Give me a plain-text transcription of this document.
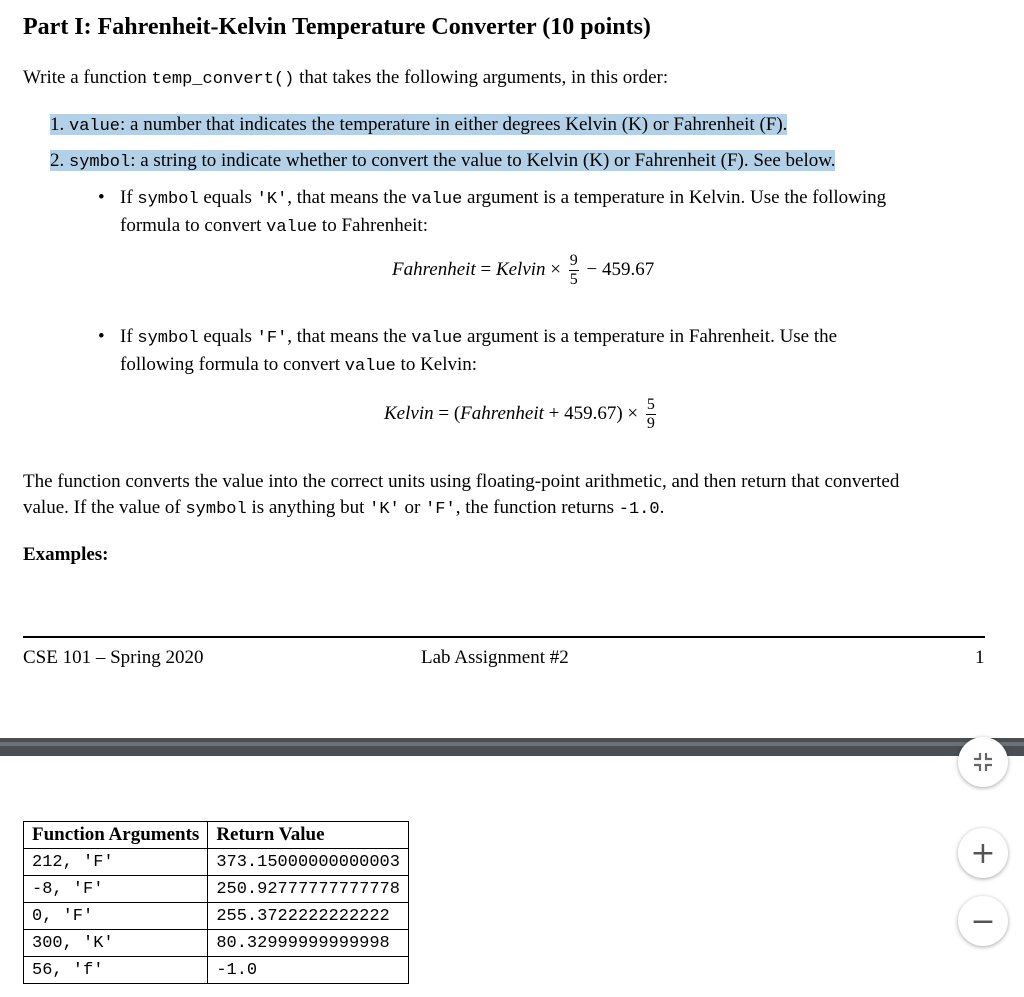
Part I: Fahrenheit-Kelvin Temperature Converter (10 points)
Write a function temp_convert() that takes the following arguments, in this order:
1. value: a number that indicates the temperature in either degrees Kelvin (K) or Fahrenheit (F).
2. symbol: a string to indicate whether to convert the value to Kelvin (K) or Fahrenheit (F). See below.
• If symbol equals 'K', that means the value argument is a temperature in Kelvin. Use the following
formula to convert value to Fahrenheit:
Fahrenheit = Kelvin × $\frac{9}{5} - 459.67$
• If symbol equals 'F', that means the value argument is a temperature in Fahrenheit. Use the
following formula to convert value to Kelvin:
Kelvin = (Fahrenheit + $459.67) \times \frac{5}{9}$
The function converts the value into the correct units using floating-point arithmetic, and then return that converted
value. If the value of symbol is anything but 'K' or 'F', the function returns -1.0.
Examples:
CSE 101 – Spring 2020	Lab Assignment #2	1
Function Arguments	Return Value
212, 'F'	373.15000000000003
-8, 'F'	250.92777777777778
0, 'F'	255.3722222222222
300, 'K'	80.32999999999998
56, 'f'	-1.0
+
−
